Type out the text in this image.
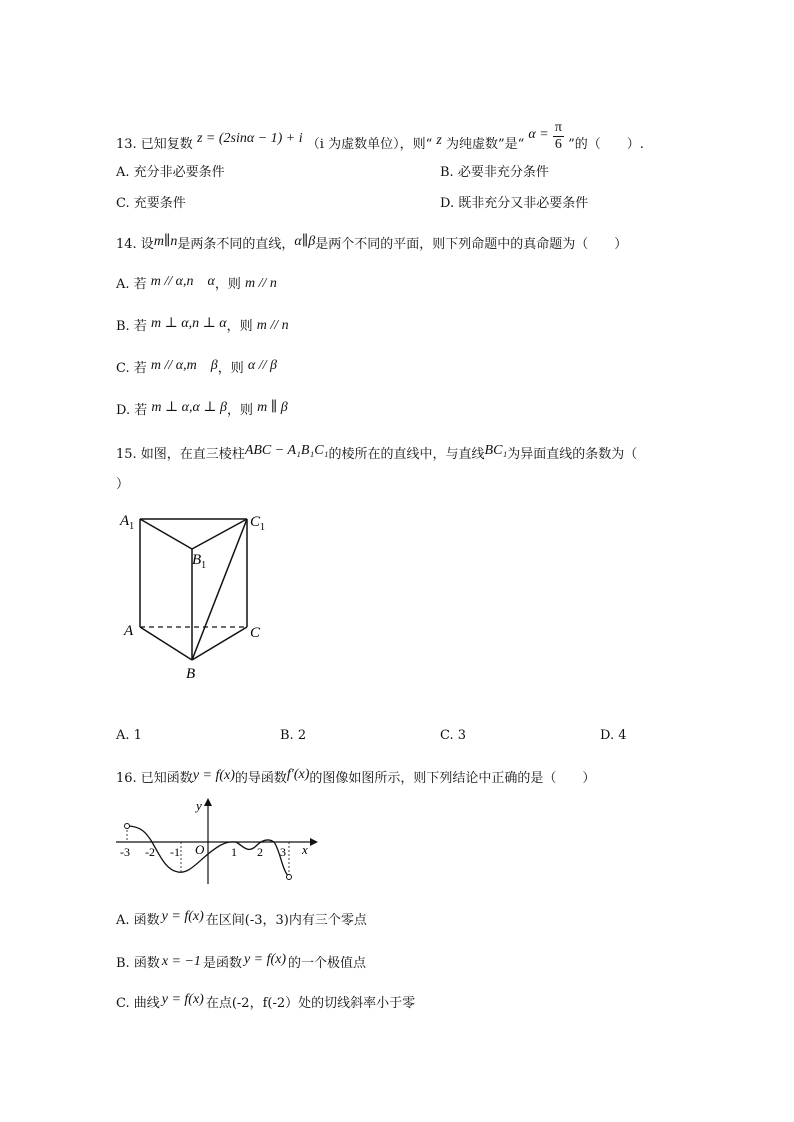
13. 已知复数 z = (2sinα − 1) + i （i 为虚数单位），则“ z 为纯虚数”是“ $\alpha = \frac{\pi}{6}$ ”的（　　）.
A. 充分非必要条件	B. 必要非充分条件
C. 充要条件	D. 既非充分又非必要条件
14. 设m∥n是两条不同的直线，α∥β是两个不同的平面，则下列命题中的真命题为（　　）
A. 若 m // α,n　α，则 m // n
B. 若 m ⊥ α,n ⊥ α，则 m // n
C. 若 m // α,m　β，则 α // β
D. 若 m ⊥ α,α ⊥ β，则 m ∥ β
15. 如图，在直三棱柱ABC − A₁B₁C₁的棱所在的直线中，与直线BC₁为异面直线的条数为（
）
$A_1$	$C_1$
$B_1$
A	C
B
A. 1	B. 2	C. 3	D. 4
16. 已知函数y = f(x)的导函数f′(x)的图像如图所示，则下列结论中正确的是（　　）
y
x
O
-3 -2 -1	1 2 3
A. 函数 y = f(x) 在区间(-3，3)内有三个零点
B. 函数 x = −1 是函数 y = f(x) 的一个极值点
C. 曲线 y = f(x) 在点(-2，f(-2）处的切线斜率小于零
